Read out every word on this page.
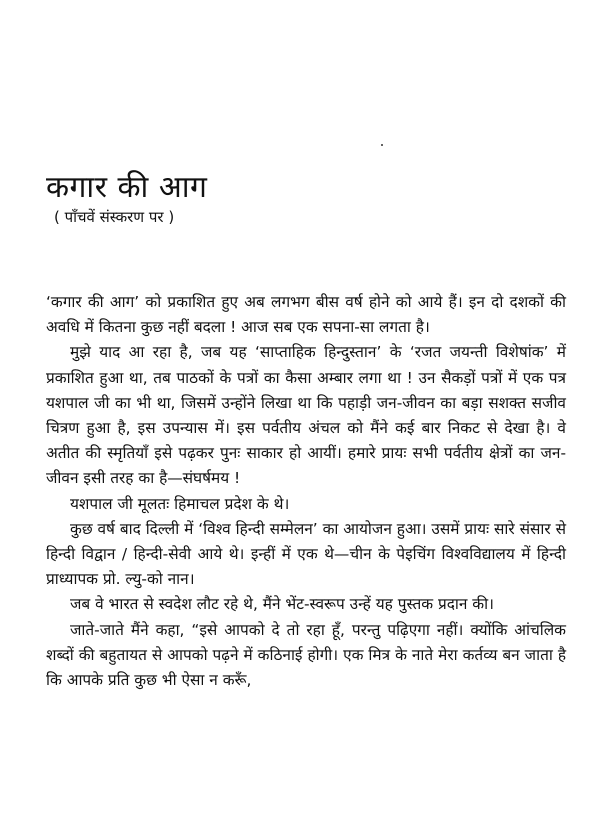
कगार की आग

( पाँचवें संस्करण पर )

‘कगार की आग’ को प्रकाशित हुए अब लगभग बीस वर्ष होने को आये हैं। इन दो दशकों की अवधि में कितना कुछ नहीं बदला ! आज सब एक सपना-सा लगता है।

मुझे याद आ रहा है, जब यह ‘साप्ताहिक हिन्दुस्तान’ के ‘रजत जयन्ती विशेषांक’ में प्रकाशित हुआ था, तब पाठकों के पत्रों का कैसा अम्बार लगा था ! उन सैकड़ों पत्रों में एक पत्र यशपाल जी का भी था, जिसमें उन्होंने लिखा था कि पहाड़ी जन-जीवन का बड़ा सशक्त सजीव चित्रण हुआ है, इस उपन्यास में। इस पर्वतीय अंचल को मैंने कई बार निकट से देखा है। वे अतीत की स्मृतियाँ इसे पढ़कर पुनः साकार हो आयीं। हमारे प्रायः सभी पर्वतीय क्षेत्रों का जन-जीवन इसी तरह का है—संघर्षमय !

यशपाल जी मूलतः हिमाचल प्रदेश के थे।

कुछ वर्ष बाद दिल्ली में ‘विश्व हिन्दी सम्मेलन’ का आयोजन हुआ। उसमें प्रायः सारे संसार से हिन्दी विद्वान / हिन्दी-सेवी आये थे। इन्हीं में एक थे—चीन के पेइचिंग विश्वविद्यालय में हिन्दी प्राध्यापक प्रो. ल्यु-को नान।

जब वे भारत से स्वदेश लौट रहे थे, मैंने भेंट-स्वरूप उन्हें यह पुस्तक प्रदान की।

जाते-जाते मैंने कहा, “इसे आपको दे तो रहा हूँ, परन्तु पढ़िएगा नहीं। क्योंकि आंचलिक शब्दों की बहुतायत से आपको पढ़ने में कठिनाई होगी। एक मित्र के नाते मेरा कर्तव्य बन जाता है कि आपके प्रति कुछ भी ऐसा न करूँ,
